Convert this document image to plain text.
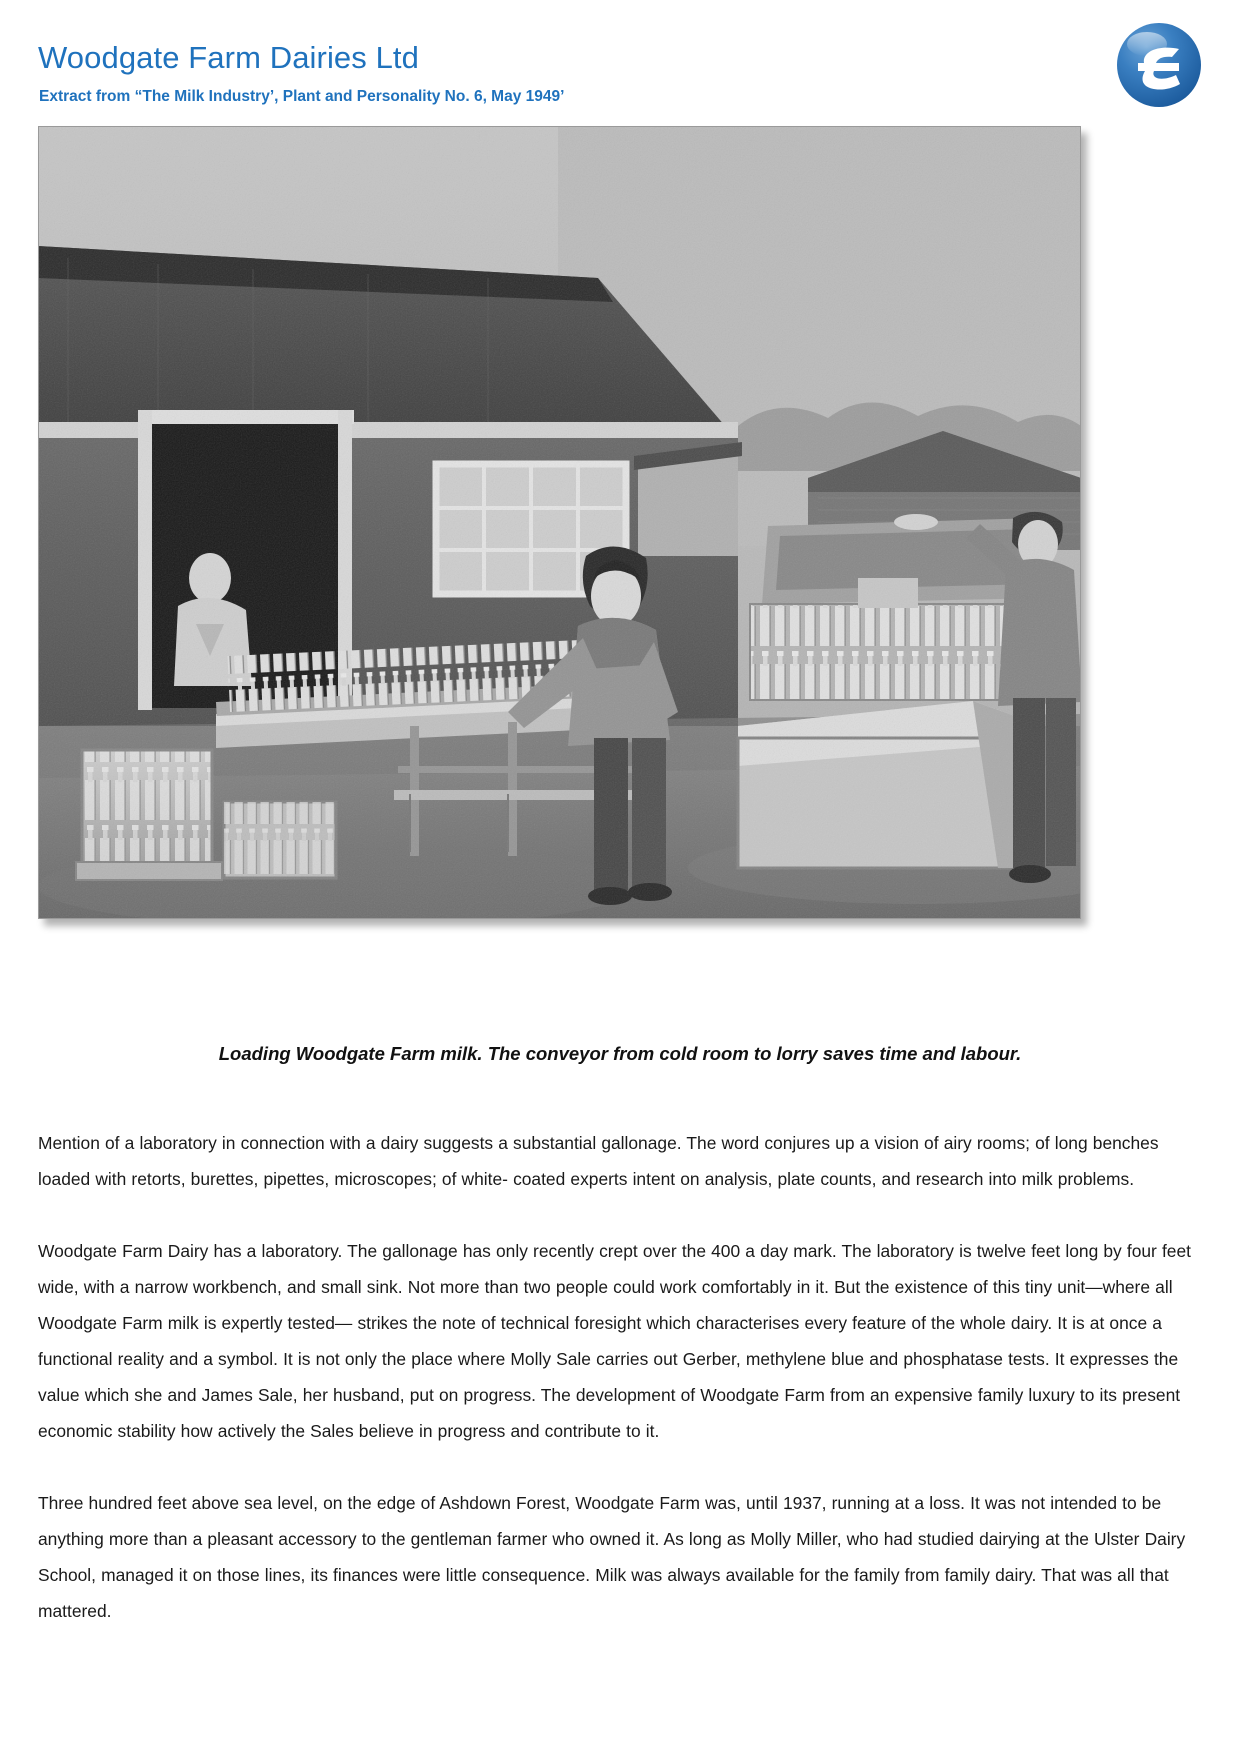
Woodgate Farm Dairies Ltd
Extract from “The Milk Industry’, Plant and Personality No. 6, May 1949’
Loading Woodgate Farm milk. The conveyor from cold room to lorry saves time and labour.

Mention of a laboratory in connection with a dairy suggests a substantial gallonage. The word conjures up a vision of airy rooms; of long benches loaded with retorts, burettes, pipettes, microscopes; of white- coated experts intent on analysis, plate counts, and research into milk problems.

Woodgate Farm Dairy has a laboratory. The gallonage has only recently crept over the 400 a day mark. The laboratory is twelve feet long by four feet wide, with a narrow workbench, and small sink. Not more than two people could work comfortably in it. But the existence of this tiny unit—where all Woodgate Farm milk is expertly tested— strikes the note of technical foresight which characterises every feature of the whole dairy. It is at once a functional reality and a symbol. It is not only the place where Molly Sale carries out Gerber, methylene blue and phosphatase tests. It expresses the value which she and James Sale, her husband, put on progress. The development of Woodgate Farm from an expensive family luxury to its present economic stability how actively the Sales believe in progress and contribute to it.

Three hundred feet above sea level, on the edge of Ashdown Forest, Woodgate Farm was, until 1937, running at a loss. It was not intended to be anything more than a pleasant accessory to the gentleman farmer who owned it. As long as Molly Miller, who had studied dairying at the Ulster Dairy School, managed it on those lines, its finances were little consequence. Milk was always available for the family from family dairy. That was all that mattered.
